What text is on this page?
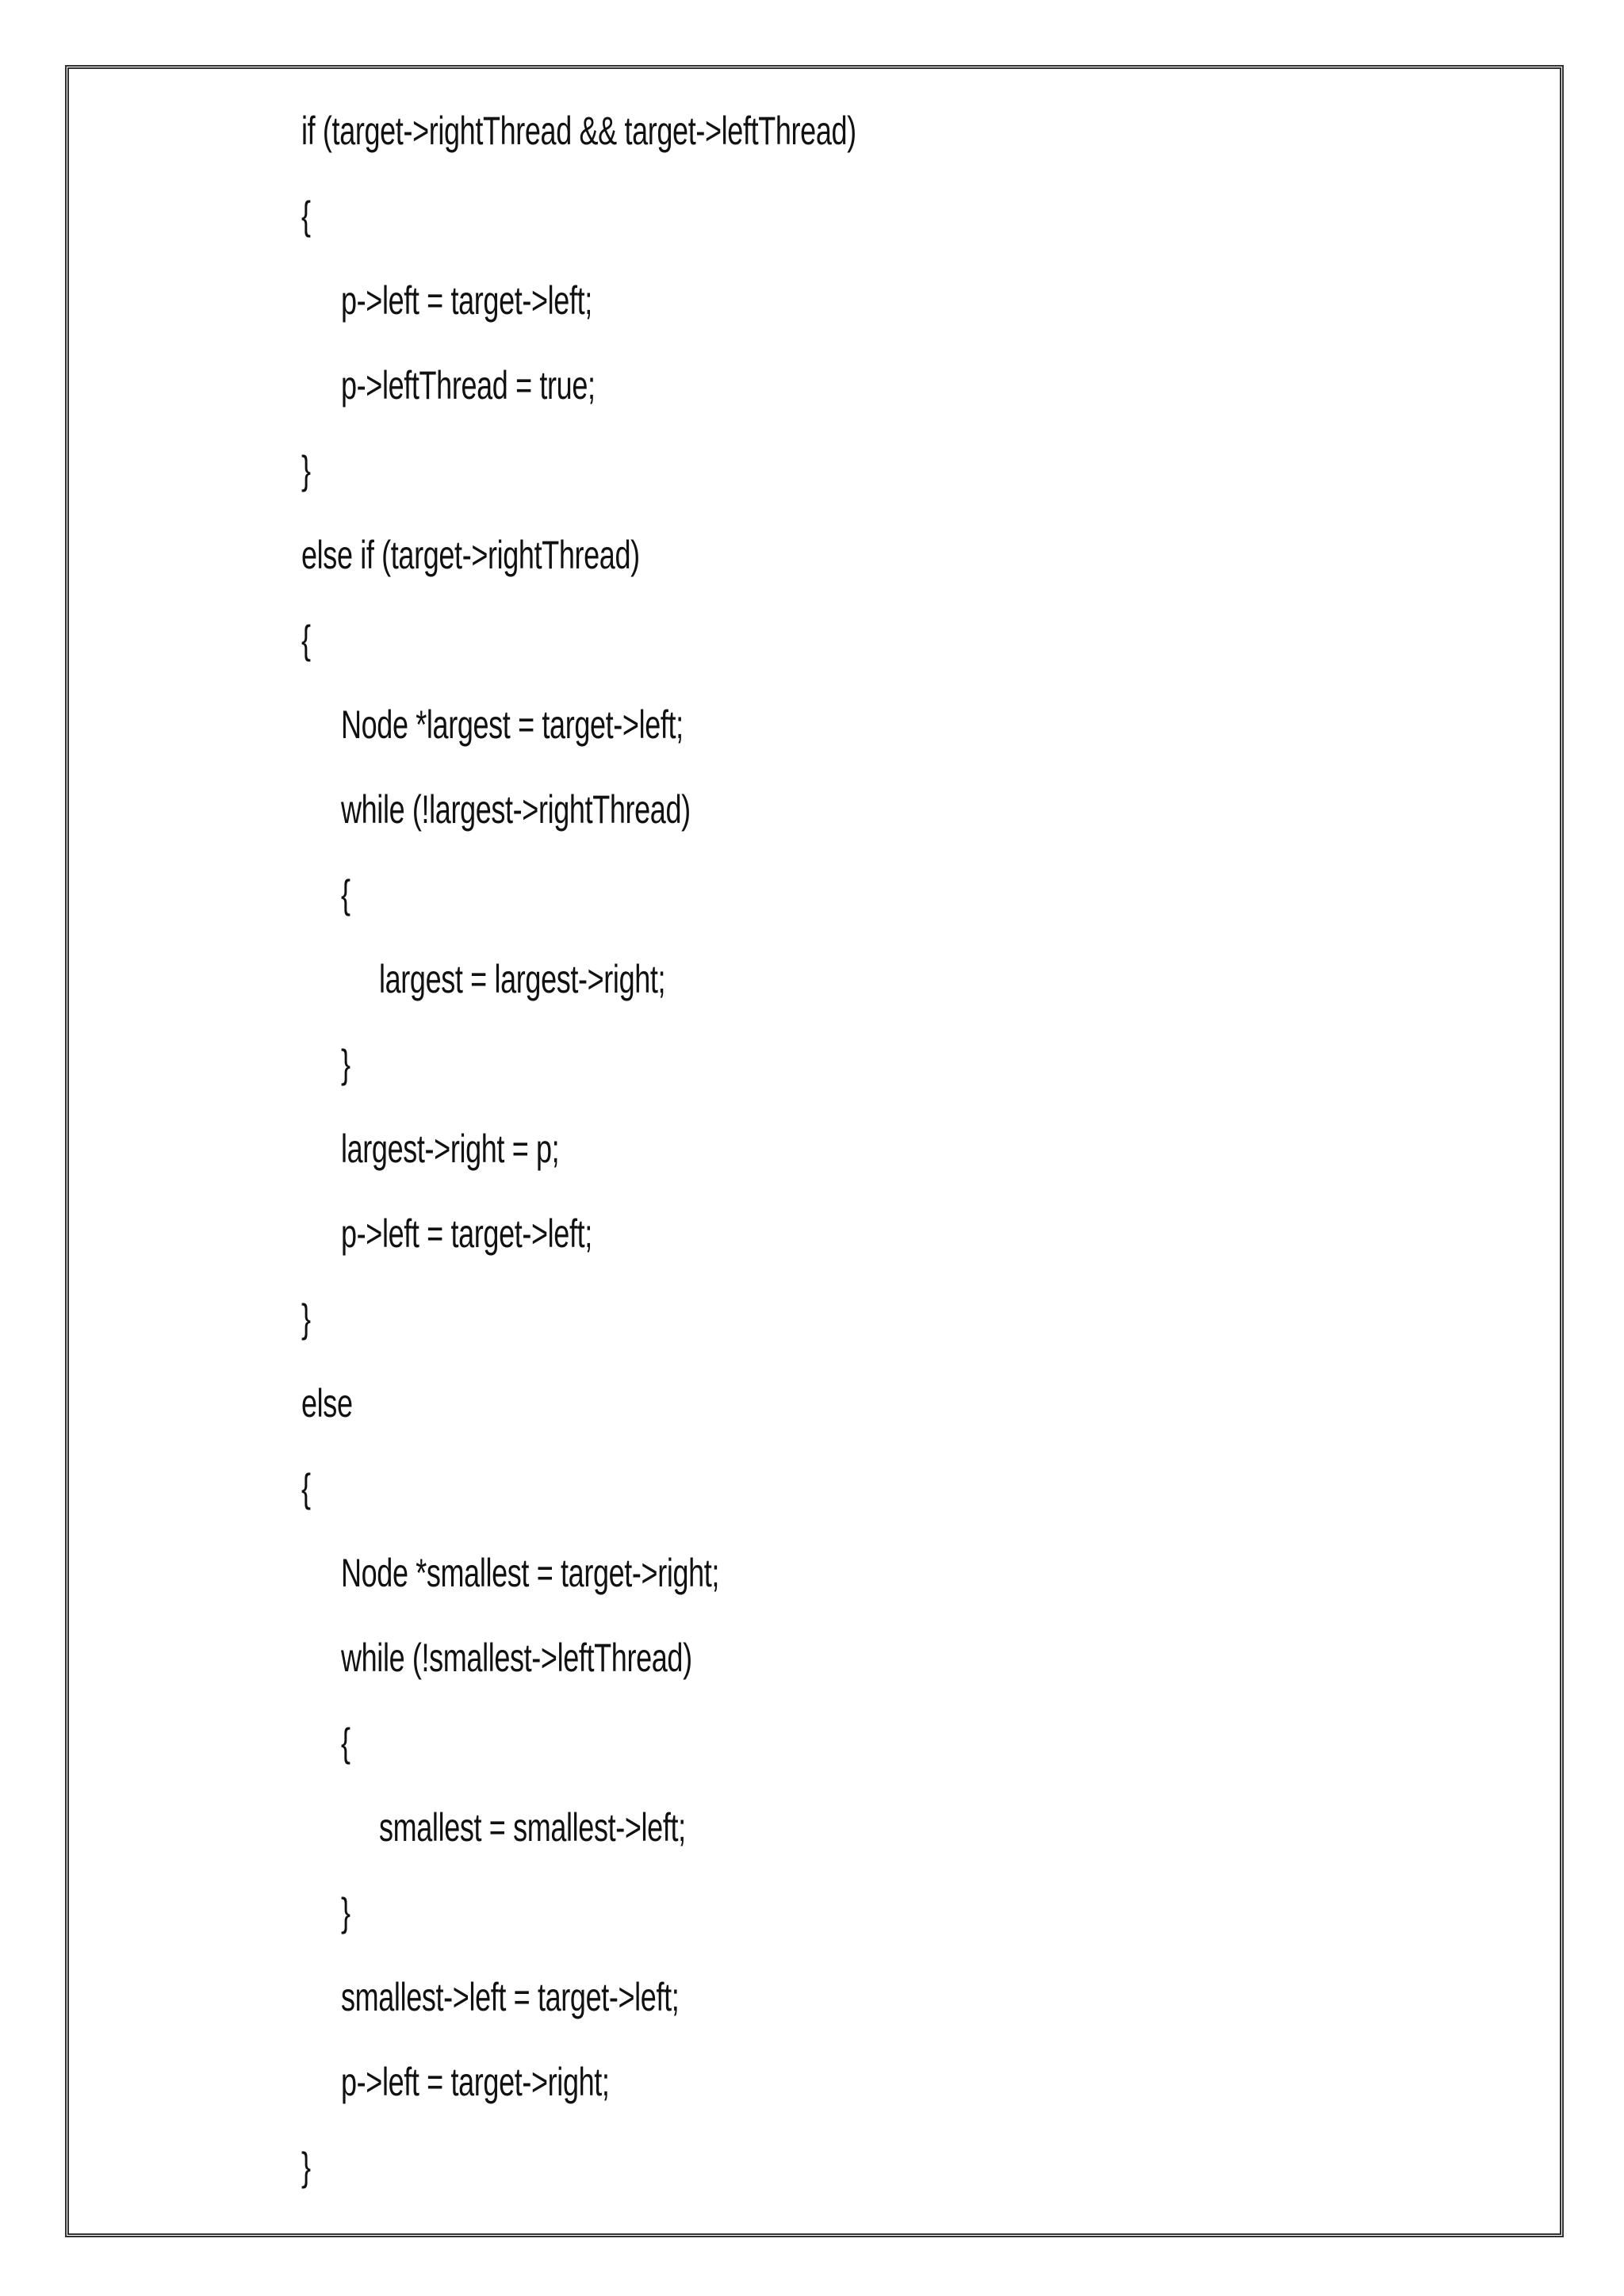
if (target->rightThread && target->leftThread)
{
p->left = target->left;
p->leftThread = true;
}
else if (target->rightThread)
{
Node *largest = target->left;
while (!largest->rightThread)
{
largest = largest->right;
}
largest->right = p;
p->left = target->left;
}
else
{
Node *smallest = target->right;
while (!smallest->leftThread)
{
smallest = smallest->left;
}
smallest->left = target->left;
p->left = target->right;
}
